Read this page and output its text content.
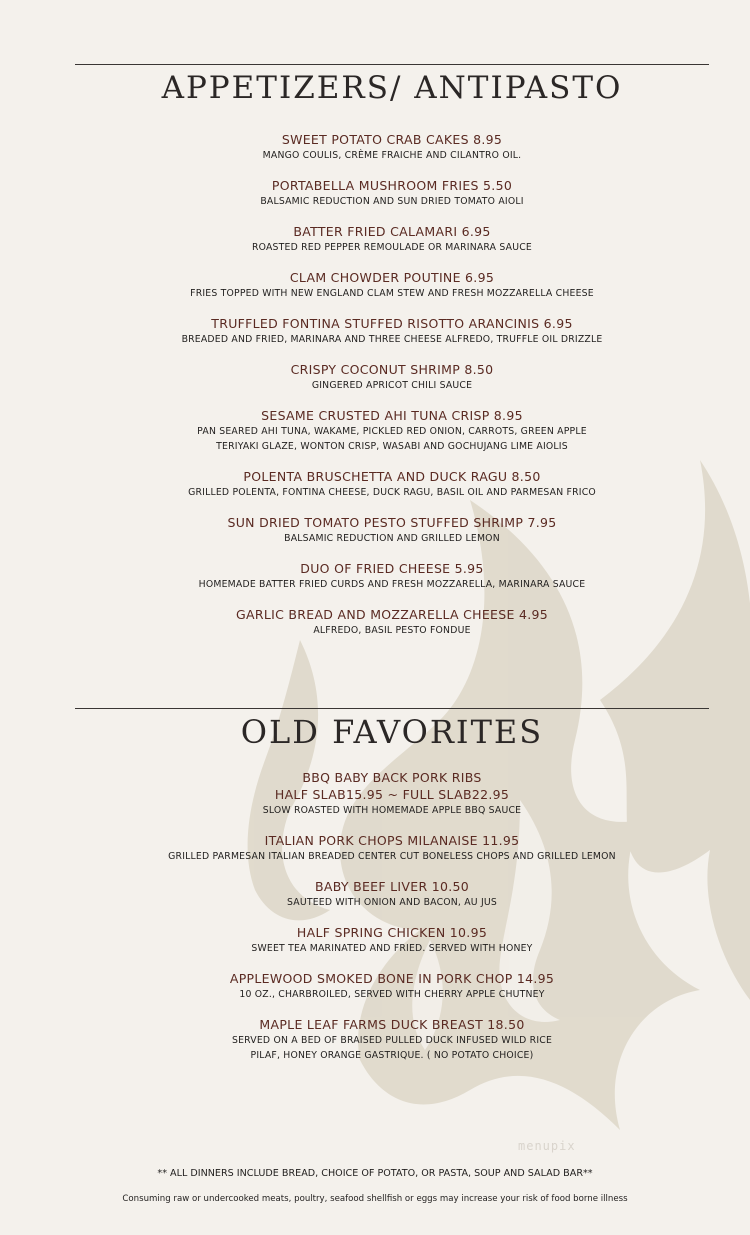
APPETIZERS/ ANTIPASTO
SWEET POTATO CRAB CAKES 8.95
MANGO COULIS, CRÈME FRAICHE AND CILANTRO OIL.
PORTABELLA MUSHROOM FRIES 5.50
BALSAMIC REDUCTION AND SUN DRIED TOMATO AIOLI
BATTER FRIED CALAMARI 6.95
ROASTED RED PEPPER REMOULADE OR MARINARA SAUCE
CLAM CHOWDER POUTINE 6.95
FRIES TOPPED WITH NEW ENGLAND CLAM STEW AND FRESH MOZZARELLA CHEESE
TRUFFLED FONTINA STUFFED RISOTTO ARANCINIS 6.95
BREADED AND FRIED, MARINARA AND THREE CHEESE ALFREDO, TRUFFLE OIL DRIZZLE
CRISPY COCONUT SHRIMP 8.50
GINGERED APRICOT CHILI SAUCE
SESAME CRUSTED AHI TUNA CRISP 8.95
PAN SEARED AHI TUNA, WAKAME, PICKLED RED ONION, CARROTS, GREEN APPLE
TERIYAKI GLAZE, WONTON CRISP, WASABI AND GOCHUJANG LIME AIOLIS
POLENTA BRUSCHETTA AND DUCK RAGU 8.50
GRILLED POLENTA, FONTINA CHEESE, DUCK RAGU, BASIL OIL AND PARMESAN FRICO
SUN DRIED TOMATO PESTO STUFFED SHRIMP 7.95
BALSAMIC REDUCTION AND GRILLED LEMON
DUO OF FRIED CHEESE 5.95
HOMEMADE BATTER FRIED CURDS AND FRESH MOZZARELLA, MARINARA SAUCE
GARLIC BREAD AND MOZZARELLA CHEESE 4.95
ALFREDO, BASIL PESTO FONDUE
OLD FAVORITES
BBQ BABY BACK PORK RIBS
HALF SLAB15.95 ~ FULL SLAB22.95
SLOW ROASTED WITH HOMEMADE APPLE BBQ SAUCE
ITALIAN PORK CHOPS MILANAISE 11.95
GRILLED PARMESAN ITALIAN BREADED CENTER CUT BONELESS CHOPS AND GRILLED LEMON
BABY BEEF LIVER 10.50
SAUTEED WITH ONION AND BACON, AU JUS
HALF SPRING CHICKEN 10.95
SWEET TEA MARINATED AND FRIED. SERVED WITH HONEY
APPLEWOOD SMOKED BONE IN PORK CHOP 14.95
10 OZ., CHARBROILED, SERVED WITH CHERRY APPLE CHUTNEY
MAPLE LEAF FARMS DUCK BREAST 18.50
SERVED ON A BED OF BRAISED PULLED DUCK INFUSED WILD RICE
PILAF, HONEY ORANGE GASTRIQUE. ( NO POTATO CHOICE)
menupix
** ALL DINNERS INCLUDE BREAD, CHOICE OF POTATO, OR PASTA, SOUP AND SALAD BAR**
Consuming raw or undercooked meats, poultry, seafood shellfish or eggs may increase your risk of food borne illness
